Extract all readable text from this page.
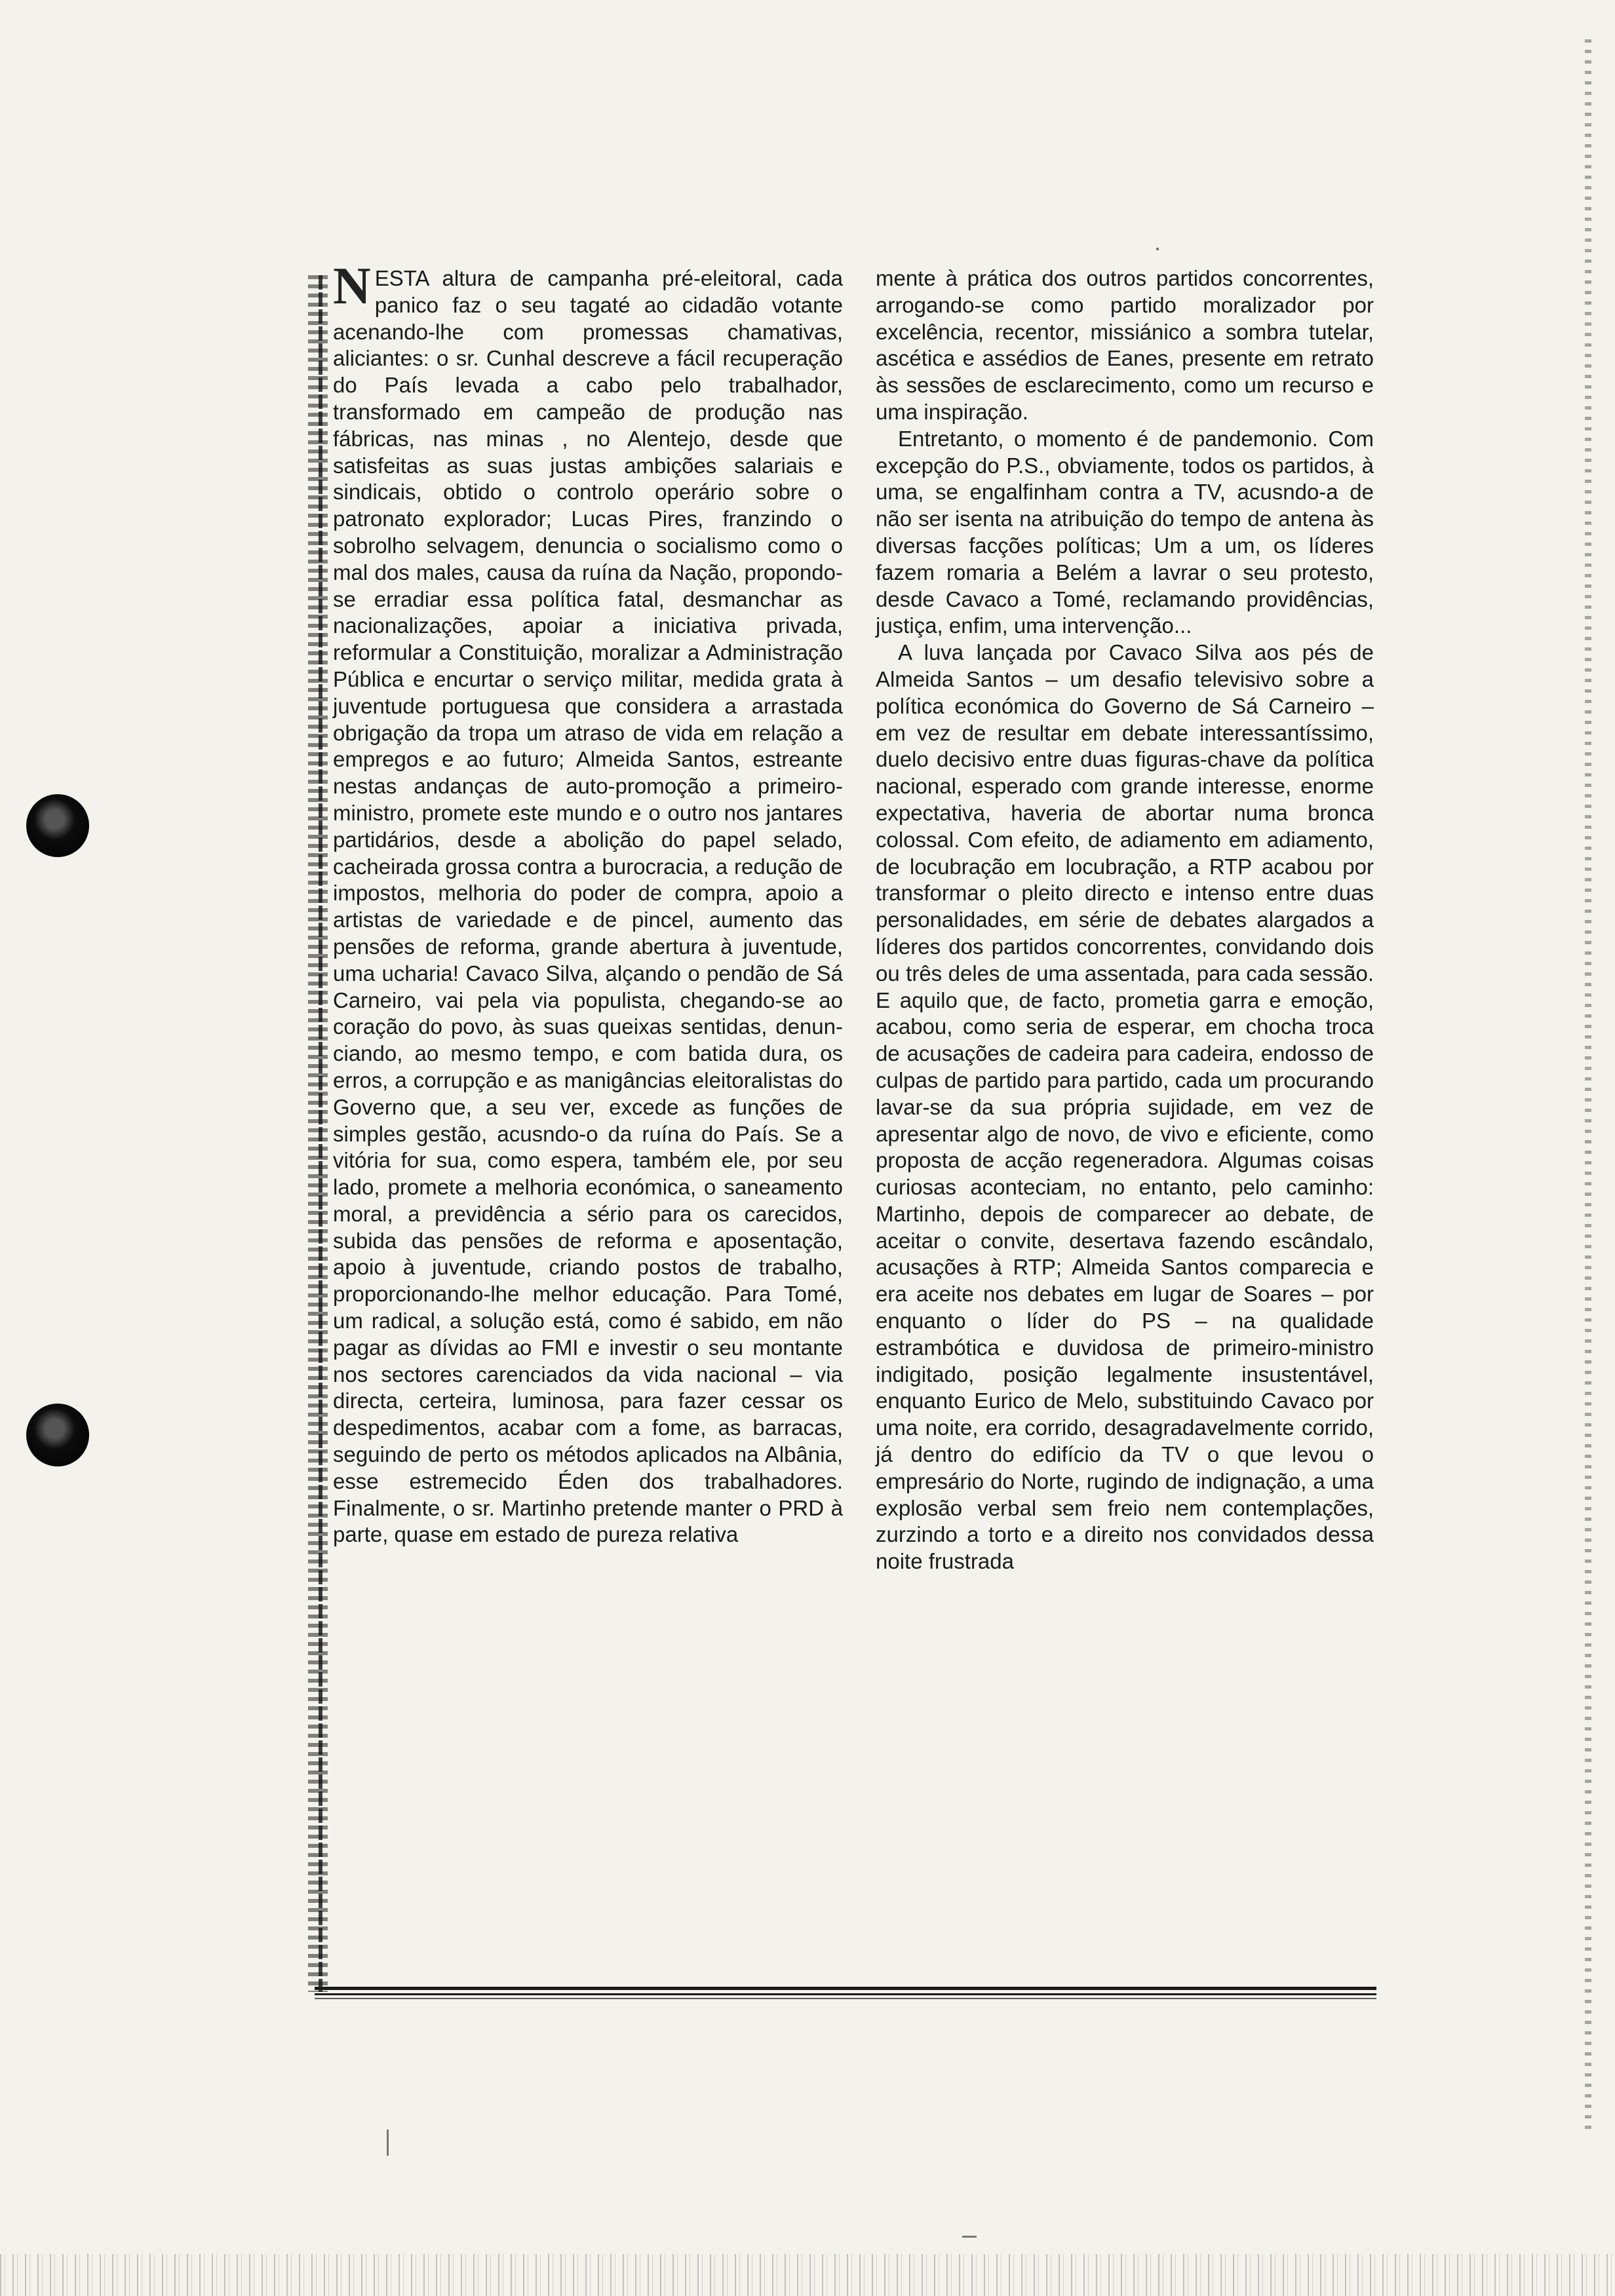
N ESTA altura de campanha pré-eleitoral, cada panico faz o seu tagaté ao cidadão votante acenando-lhe com promessas chamativas, aliciantes: o sr. Cunhal descreve a fácil recuperação do País levada a cabo pelo trabalhador, transformado em campeão de produção nas fábricas, nas minas , no Alentejo, desde que satisfeitas as suas justas ambições salariais e sindicais, obtido o controlo operário sobre o patronato explorador; Lucas Pires, franzindo o sobrolho selvagem, denuncia o socialismo como o mal dos males, causa da ruína da Nação, propondo-se erradiar essa política fatal, desmanchar as nacionalizações, apoiar a iniciativa privada, reformular a Constituição, moralizar a Administração Pública e encurtar o serviço militar, medida grata à juventude portuguesa que considera a arrastada obrigação da tropa um atraso de vida em relação a empregos e ao futuro; Almeida Santos, estreante nestas andanças de auto-promoção a primeiro-ministro, promete este mundo e o outro nos jantares partidários, desde a abolição do papel selado, cacheirada grossa contra a burocracia, a redução de impostos, melhoria do poder de compra, apoio a artistas de variedade e de pincel, aumento das pensões de reforma, grande abertura à juventude, uma ucharia! Cavaco Silva, alçando o pendão de Sá Carneiro, vai pela via populista, chegando-se ao coração do povo, às suas queixas sentidas, denunciando, ao mesmo tempo, e com batida dura, os erros, a corrupção e as manigâncias eleitoralistas do Governo que, a seu ver, excede as funções de simples gestão, acusndo-o da ruína do País. Se a vitória for sua, como espera, também ele, por seu lado, promete a melhoria económica, o saneamento moral, a previdência a sério para os carecidos, subida das pensões de reforma e aposentação, apoio à juventude, criando postos de trabalho, proporcionando-lhe melhor educação. Para Tomé, um radical, a solução está, como é sabido, em não pagar as dívidas ao FMI e investir o seu montante nos sectores carenciados da vida nacional – via directa, certeira, luminosa, para fazer cessar os despedimentos, acabar com a fome, as barracas, seguindo de perto os métodos aplicados na Albânia, esse estremecido Éden dos trabalhadores. Finalmente, o sr. Martinho pretende manter o PRD à parte, quase em estado de pureza relativa

mente à prática dos outros partidos concorrentes, arrogando-se como partido moralizador por excelência, recentor, missiánico a sombra tutelar, ascética e assédios de Eanes, presente em retrato às sessões de esclarecimento, como um recurso e uma inspiração.

Entretanto, o momento é de pandemonio. Com excepção do P.S., obviamente, todos os partidos, à uma, se engalfinham contra a TV, acusndo-a de não ser isenta na atribuição do tempo de antena às diversas facções políticas; Um a um, os líderes fazem romaria a Belém a lavrar o seu protesto, desde Cavaco a Tomé, reclamando providências, justiça, enfim, uma intervenção...

A luva lançada por Cavaco Silva aos pés de Almeida Santos – um desafio televisivo sobre a política económica do Governo de Sá Carneiro – em vez de resultar em debate interessantíssimo, duelo decisivo entre duas figuras-chave da política nacional, esperado com grande interesse, enorme expectativa, haveria de abortar numa bronca colossal. Com efeito, de adiamento em adiamento, de locubração em locubração, a RTP acabou por transformar o pleito directo e intenso entre duas personalidades, em série de debates alargados a líderes dos partidos concorrentes, convidando dois ou três deles de uma assentada, para cada sessão. E aquilo que, de facto, prometia garra e emoção, acabou, como seria de esperar, em chocha troca de acusações de cadeira para cadeira, endosso de culpas de partido para partido, cada um procurando lavar-se da sua própria sujidade, em vez de apresentar algo de novo, de vivo e eficiente, como proposta de acção regeneradora. Algumas coisas curiosas aconteciam, no entanto, pelo caminho: Martinho, depois de comparecer ao debate, de aceitar o convite, desertava fazendo escândalo, acusações à RTP; Almeida Santos comparecia e era aceite nos debates em lugar de Soares – por enquanto o líder do PS – na qualidade estrambótica e duvidosa de primeiro-ministro indigitado, posição legalmente insustentável, enquanto Eurico de Melo, substituindo Cavaco por uma noite, era corrido, desagradavelmente corrido, já dentro do edifício da TV o que levou o empresário do Norte, rugindo de indignação, a uma explosão verbal sem freio nem contemplações, zurzindo a torto e a direito nos convidados dessa noite frustrada
